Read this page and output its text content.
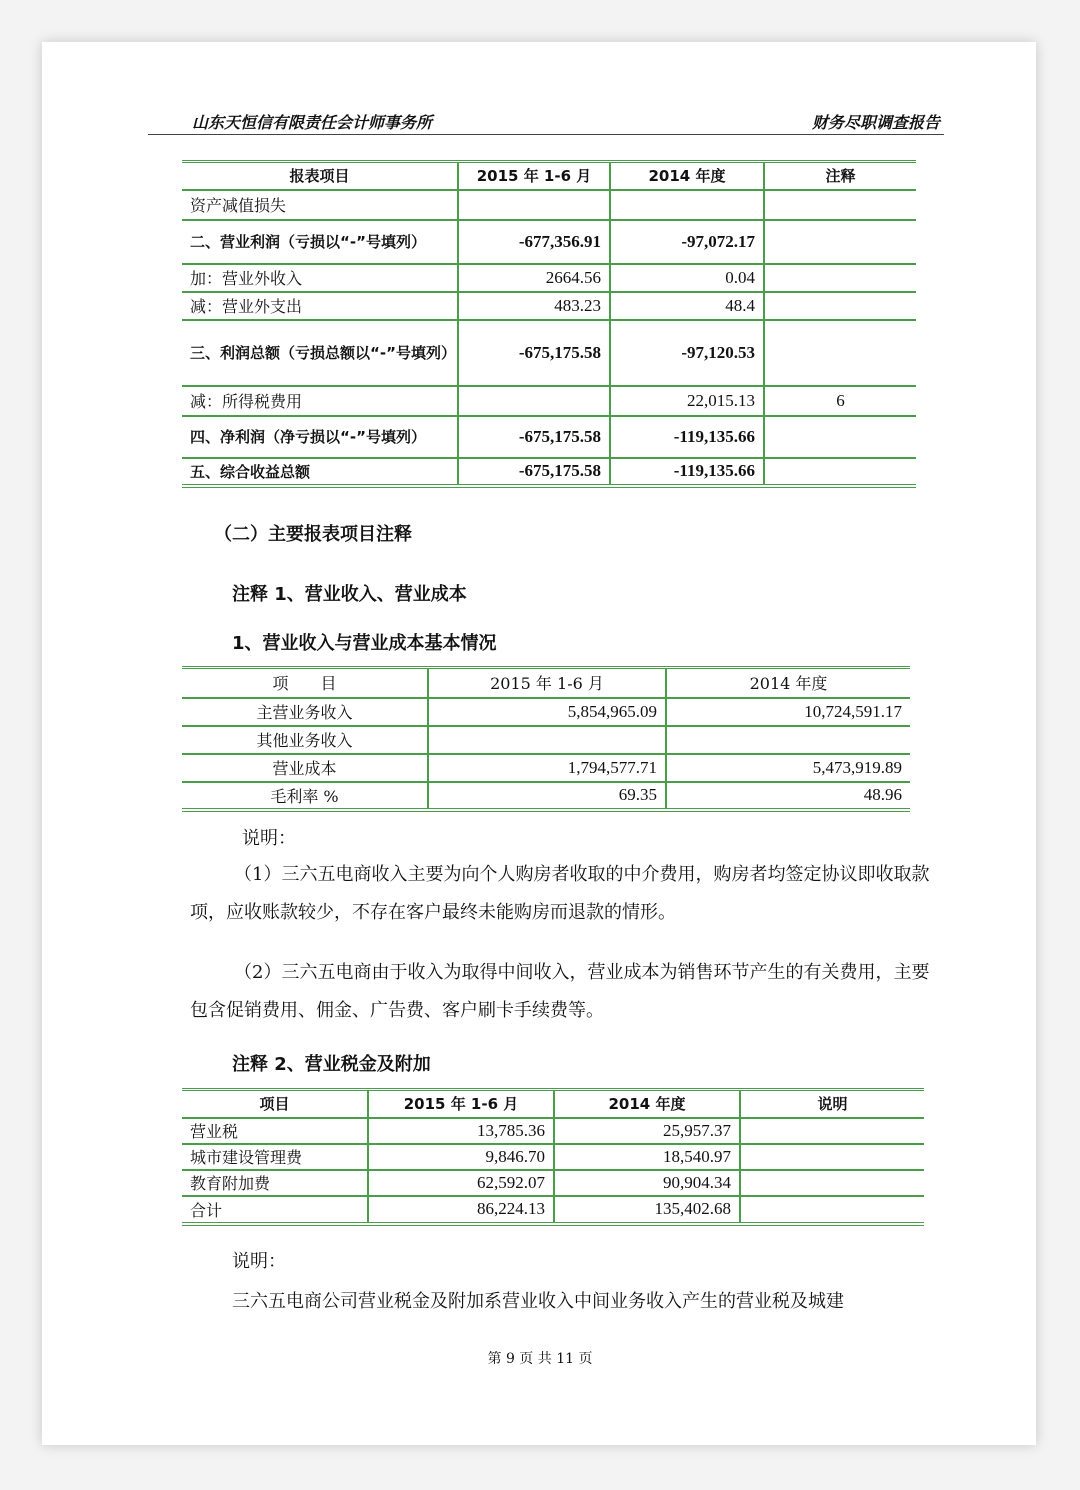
山东天恒信有限责任会计师事务所	财务尽职调查报告
报表项目	2015 年 1-6 月	2014 年度	注释
资产减值损失			
二、营业利润（亏损以“-”号填列）	-677,356.91	-97,072.17	
加：营业外收入	2664.56	0.04	
减：营业外支出	483.23	48.4	
三、利润总额（亏损总额以“-”号填列）	-675,175.58	-97,120.53	
减：所得税费用		22,015.13	6
四、净利润（净亏损以“-”号填列）	-675,175.58	-119,135.66	
五、综合收益总额	-675,175.58	-119,135.66	
（二）主要报表项目注释
注释 1、营业收入、营业成本
1、营业收入与营业成本基本情况
项　　目	2015 年 1-6 月	2014 年度
主营业务收入	5,854,965.09	10,724,591.17
其他业务收入		
营业成本	1,794,577.71	5,473,919.89
毛利率 %	69.35	48.96
说明：
（1）三六五电商收入主要为向个人购房者收取的中介费用，购房者均签定协议即收取款项，应收账款较少，不存在客户最终未能购房而退款的情形。
（2）三六五电商由于收入为取得中间收入，营业成本为销售环节产生的有关费用，主要包含促销费用、佣金、广告费、客户刷卡手续费等。
注释 2、营业税金及附加
项目	2015 年 1-6 月	2014 年度	说明
营业税	13,785.36	25,957.37	
城市建设管理费	9,846.70	18,540.97	
教育附加费	62,592.07	90,904.34	
合计	86,224.13	135,402.68	
说明：
三六五电商公司营业税金及附加系营业收入中间业务收入产生的营业税及城建
第 9 页 共 11 页
